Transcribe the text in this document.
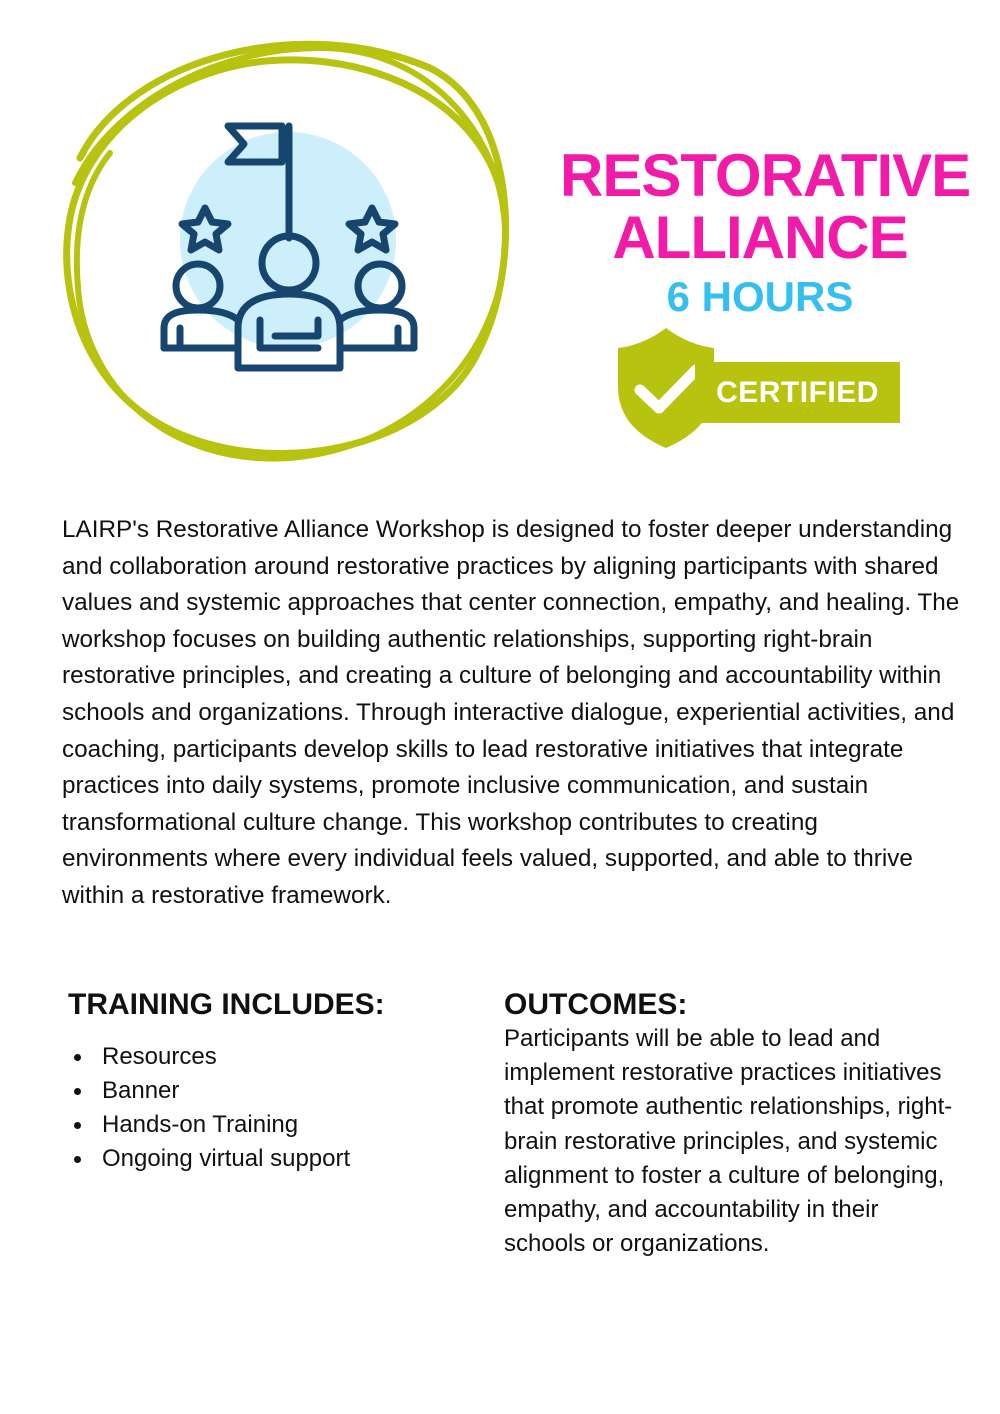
RESTORATIVE
ALLIANCE
6 HOURS
CERTIFIED

LAIRP's Restorative Alliance Workshop is designed to foster deeper understanding and collaboration around restorative practices by aligning participants with shared values and systemic approaches that center connection, empathy, and healing. The workshop focuses on building authentic relationships, supporting right-brain restorative principles, and creating a culture of belonging and accountability within schools and organizations. Through interactive dialogue, experiential activities, and coaching, participants develop skills to lead restorative initiatives that integrate practices into daily systems, promote inclusive communication, and sustain transformational culture change. This workshop contributes to creating environments where every individual feels valued, supported, and able to thrive within a restorative framework.

TRAINING INCLUDES:
Resources
Banner
Hands-on Training
Ongoing virtual support
OUTCOMES:

Participants will be able to lead and implement restorative practices initiatives that promote authentic relationships, right-brain restorative principles, and systemic alignment to foster a culture of belonging, empathy, and accountability in their schools or organizations.
